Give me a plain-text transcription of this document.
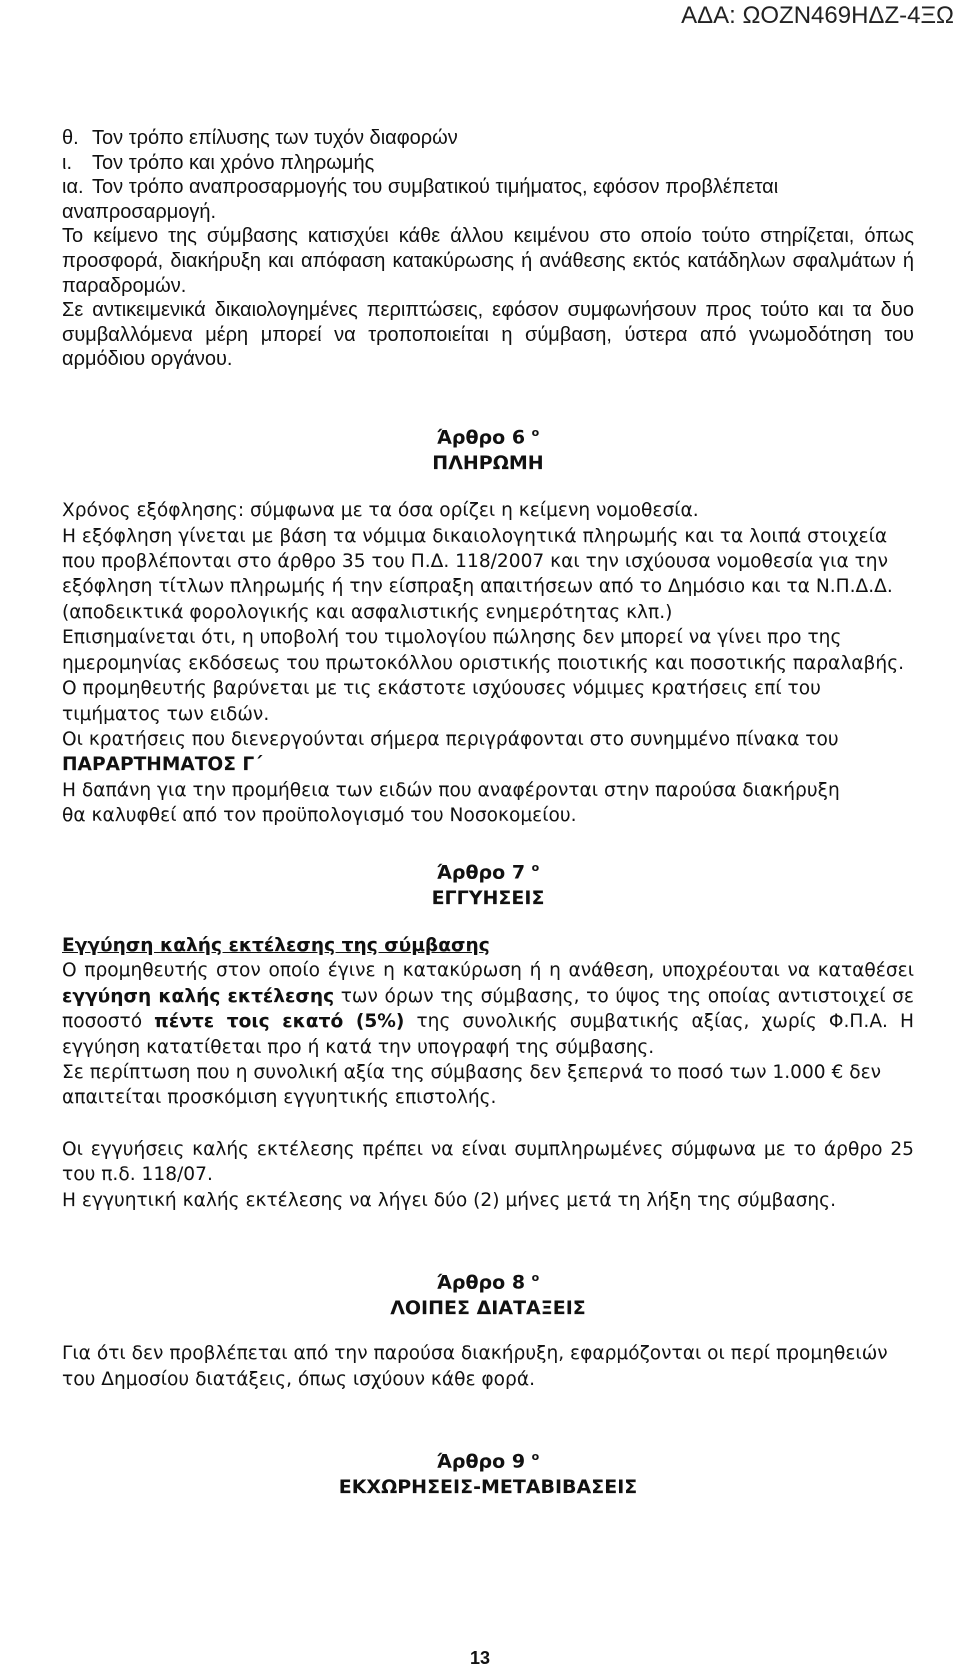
ΑΔΑ: ΩΟΖΝ469ΗΔΖ-4ΞΩ
θ. Τον τρόπο επίλυσης των τυχόν διαφορών
ι.	Τον τρόπο και χρόνο πληρωμής
ια. Τον τρόπο αναπροσαρμογής του συμβατικού τιμήματος, εφόσον προβλέπεται

αναπροσαρμογή.

Το κείμενο της σύμβασης κατισχύει κάθε άλλου κειμένου στο οποίο τούτο στηρίζεται, όπως προσφορά, διακήρυξη και απόφαση κατακύρωσης ή ανάθεσης εκτός κατάδηλων σφαλμάτων ή παραδρομών.

Σε αντικειμενικά δικαιολογημένες περιπτώσεις, εφόσον συμφωνήσουν προς τούτο και τα δυο συμβαλλόμενα μέρη μπορεί να τροποποιείται η σύμβαση, ύστερα από γνωμοδότηση του αρμόδιου οργάνου.

Άρθρο 6 $^o$
ΠΛΗΡΩΜΗ

Χρόνος εξόφλησης: σύμφωνα με τα όσα ορίζει η κείμενη νομοθεσία.

Η εξόφληση γίνεται με βάση τα νόμιμα δικαιολογητικά πληρωμής και τα λοιπά στοιχεία που προβλέπονται στο άρθρο 35 του Π.Δ. 118/2007 και την ισχύουσα νομοθεσία για την εξόφληση τίτλων πληρωμής ή την είσπραξη απαιτήσεων από το Δημόσιο και τα Ν.Π.Δ.Δ. (αποδεικτικά φορολογικής και ασφαλιστικής ενημερότητας κλπ.)

Επισημαίνεται ότι, η υποβολή του τιμολογίου πώλησης δεν μπορεί να γίνει προ της ημερομηνίας εκδόσεως του πρωτοκόλλου οριστικής ποιοτικής και ποσοτικής παραλαβής.

Ο προμηθευτής βαρύνεται με τις εκάστοτε ισχύουσες νόμιμες κρατήσεις επί του τιμήματος των ειδών.

Οι κρατήσεις που διενεργούνται σήμερα περιγράφονται στο συνημμένο πίνακα του

ΠΑΡΑΡΤΗΜΑΤΟΣ Γ΄

Η δαπάνη για την προμήθεια των ειδών που αναφέρονται στην παρούσα διακήρυξη

θα καλυφθεί από τον προϋπολογισμό του Νοσοκομείου.

Άρθρο 7 $^o$
ΕΓΓΥΗΣΕΙΣ

Εγγύηση καλής εκτέλεσης της σύμβασης

Ο προμηθευτής στον οποίο έγινε η κατακύρωση ή η ανάθεση, υποχρέουται να καταθέσει εγγύηση καλής εκτέλεσης των όρων της σύμβασης, το ύψος της οποίας αντιστοιχεί σε ποσοστό πέντε τοις εκατό (5%) της συνολικής συμβατικής αξίας, χωρίς Φ.Π.Α. Η εγγύηση κατατίθεται προ ή κατά την υπογραφή της σύμβασης.

Σε περίπτωση που η συνολική αξία της σύμβασης δεν ξεπερνά το ποσό των 1.000 € δεν απαιτείται προσκόμιση εγγυητικής επιστολής.

Οι εγγυήσεις καλής εκτέλεσης πρέπει να είναι συμπληρωμένες σύμφωνα με το άρθρο 25 του π.δ. 118/07.

Η εγγυητική καλής εκτέλεσης να λήγει δύο (2) μήνες μετά τη λήξη της σύμβασης.

Άρθρο 8 $^o$
ΛΟΙΠΕΣ ΔΙΑΤΑΞΕΙΣ

Για ότι δεν προβλέπεται από την παρούσα διακήρυξη, εφαρμόζονται οι περί προμηθειών του Δημοσίου διατάξεις, όπως ισχύουν κάθε φορά.

Άρθρο 9 $^o$
ΕΚΧΩΡΗΣΕΙΣ-ΜΕΤΑΒΙΒΑΣΕΙΣ
13
